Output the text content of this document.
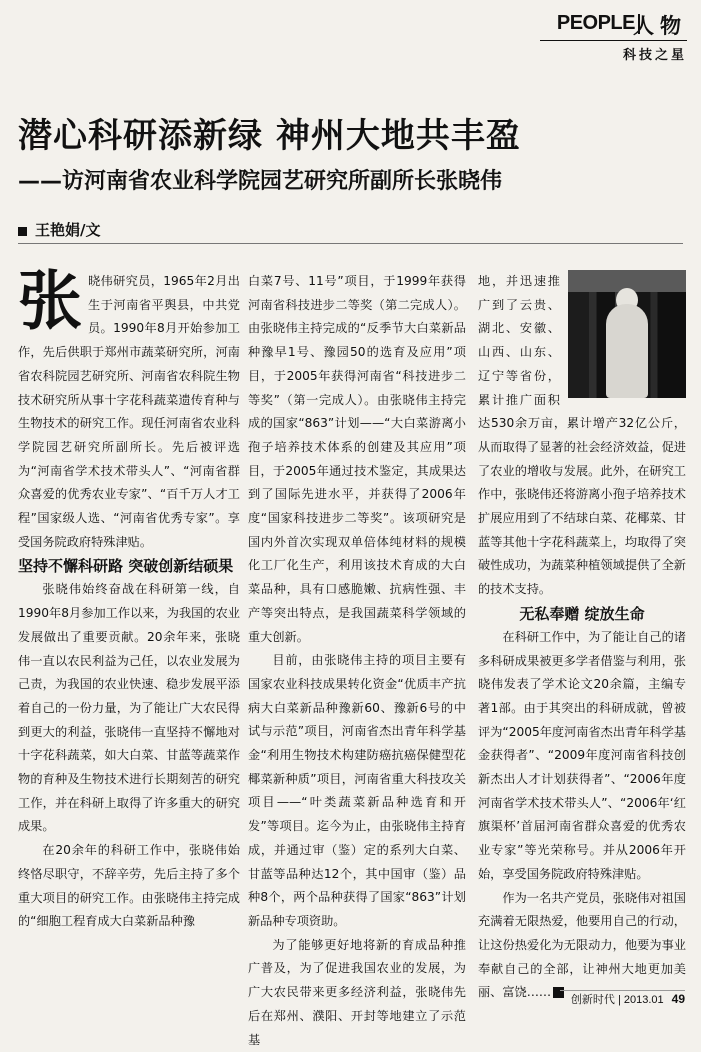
PEOPLE
人物
科技之星
潜心科研添新绿 神州大地共丰盈
——访河南省农业科学院园艺研究所副所长张晓伟
王艳娟/文

张晓伟研究员，1965年2月出生于河南省平舆县，中共党员。1990年8月开始参加工作，先后供职于郑州市蔬菜研究所，河南省农科院园艺研究所、河南省农科院生物技术研究所从事十字花科蔬菜遗传育种与生物技术的研究工作。现任河南省农业科学院园艺研究所副所长。先后被评选为“河南省学术技术带头人”、“河南省群众喜爱的优秀农业专家”、“百千万人才工程”国家级人选、“河南省优秀专家”。享受国务院政府特殊津贴。

坚持不懈科研路 突破创新结硕果

张晓伟始终奋战在科研第一线，自1990年8月参加工作以来，为我国的农业发展做出了重要贡献。20余年来，张晓伟一直以农民利益为己任，以农业发展为己责，为我国的农业快速、稳步发展平添着自己的一份力量，为了能让广大农民得到更大的利益，张晓伟一直坚持不懈地对十字花科蔬菜，如大白菜、甘蓝等蔬菜作物的育种及生物技术进行长期刻苦的研究工作，并在科研上取得了许多重大的研究成果。

在20余年的科研工作中，张晓伟始终恪尽职守，不辞辛劳，先后主持了多个重大项目的研究工作。由张晓伟主持完成的“细胞工程育成大白菜新品种豫

白菜7号、11号”项目，于1999年获得河南省科技进步二等奖（第二完成人）。由张晓伟主持完成的“反季节大白菜新品种豫早1号、豫园50的选育及应用”项目，于2005年获得河南省“科技进步二等奖”（第一完成人）。由张晓伟主持完成的国家“863”计划——“大白菜游离小孢子培养技术体系的创建及其应用”项目，于2005年通过技术鉴定，其成果达到了国际先进水平，并获得了2006年度“国家科技进步二等奖”。该项研究是国内外首次实现双单倍体纯材料的规模化工厂化生产，利用该技术育成的大白菜品种，具有口感脆嫩、抗病性强、丰产等突出特点，是我国蔬菜科学领域的重大创新。

目前，由张晓伟主持的项目主要有国家农业科技成果转化资金“优质丰产抗病大白菜新品种豫新60、豫新6号的中试与示范”项目，河南省杰出青年科学基金“利用生物技术构建防癌抗癌保健型花椰菜新种质”项目，河南省重大科技攻关项目——“叶类蔬菜新品种选育和开发”等项目。迄今为止，由张晓伟主持育成，并通过审（鉴）定的系列大白菜、甘蓝等品种达12个，其中国审（鉴）品种8个，两个品种获得了国家“863”计划新品种专项资助。

为了能够更好地将新的育成品种推广普及，为了促进我国农业的发展，为广大农民带来更多经济利益，张晓伟先后在郑州、濮阳、开封等地建立了示范基

地，并迅速推广到了云贵、湖北、安徽、山西、山东、辽宁等省份，累计推广面积达530余万亩，累计增产32亿公斤，从而取得了显著的社会经济效益，促进了农业的增收与发展。此外，在研究工作中，张晓伟还将游离小孢子培养技术扩展应用到了不结球白菜、花椰菜、甘蓝等其他十字花科蔬菜上，均取得了突破性成功，为蔬菜种植领域提供了全新的技术支持。

无私奉赠 绽放生命

在科研工作中，为了能让自己的诸多科研成果被更多学者借鉴与利用，张晓伟发表了学术论文20余篇，主编专著1部。由于其突出的科研成就，曾被评为“2005年度河南省杰出青年科学基金获得者”、“2009年度河南省科技创新杰出人才计划获得者”、“2006年度河南省学术技术带头人”、“2006年‘红旗渠杯’首届河南省群众喜爱的优秀农业专家”等光荣称号。并从2006年开始，享受国务院政府特殊津贴。

作为一名共产党员，张晓伟对祖国充满着无限热爱，他要用自己的行动，让这份热爱化为无限动力，他要为事业奉献自己的全部，让神州大地更加美丽、富饶……

创新时代 | 2013.01 49
